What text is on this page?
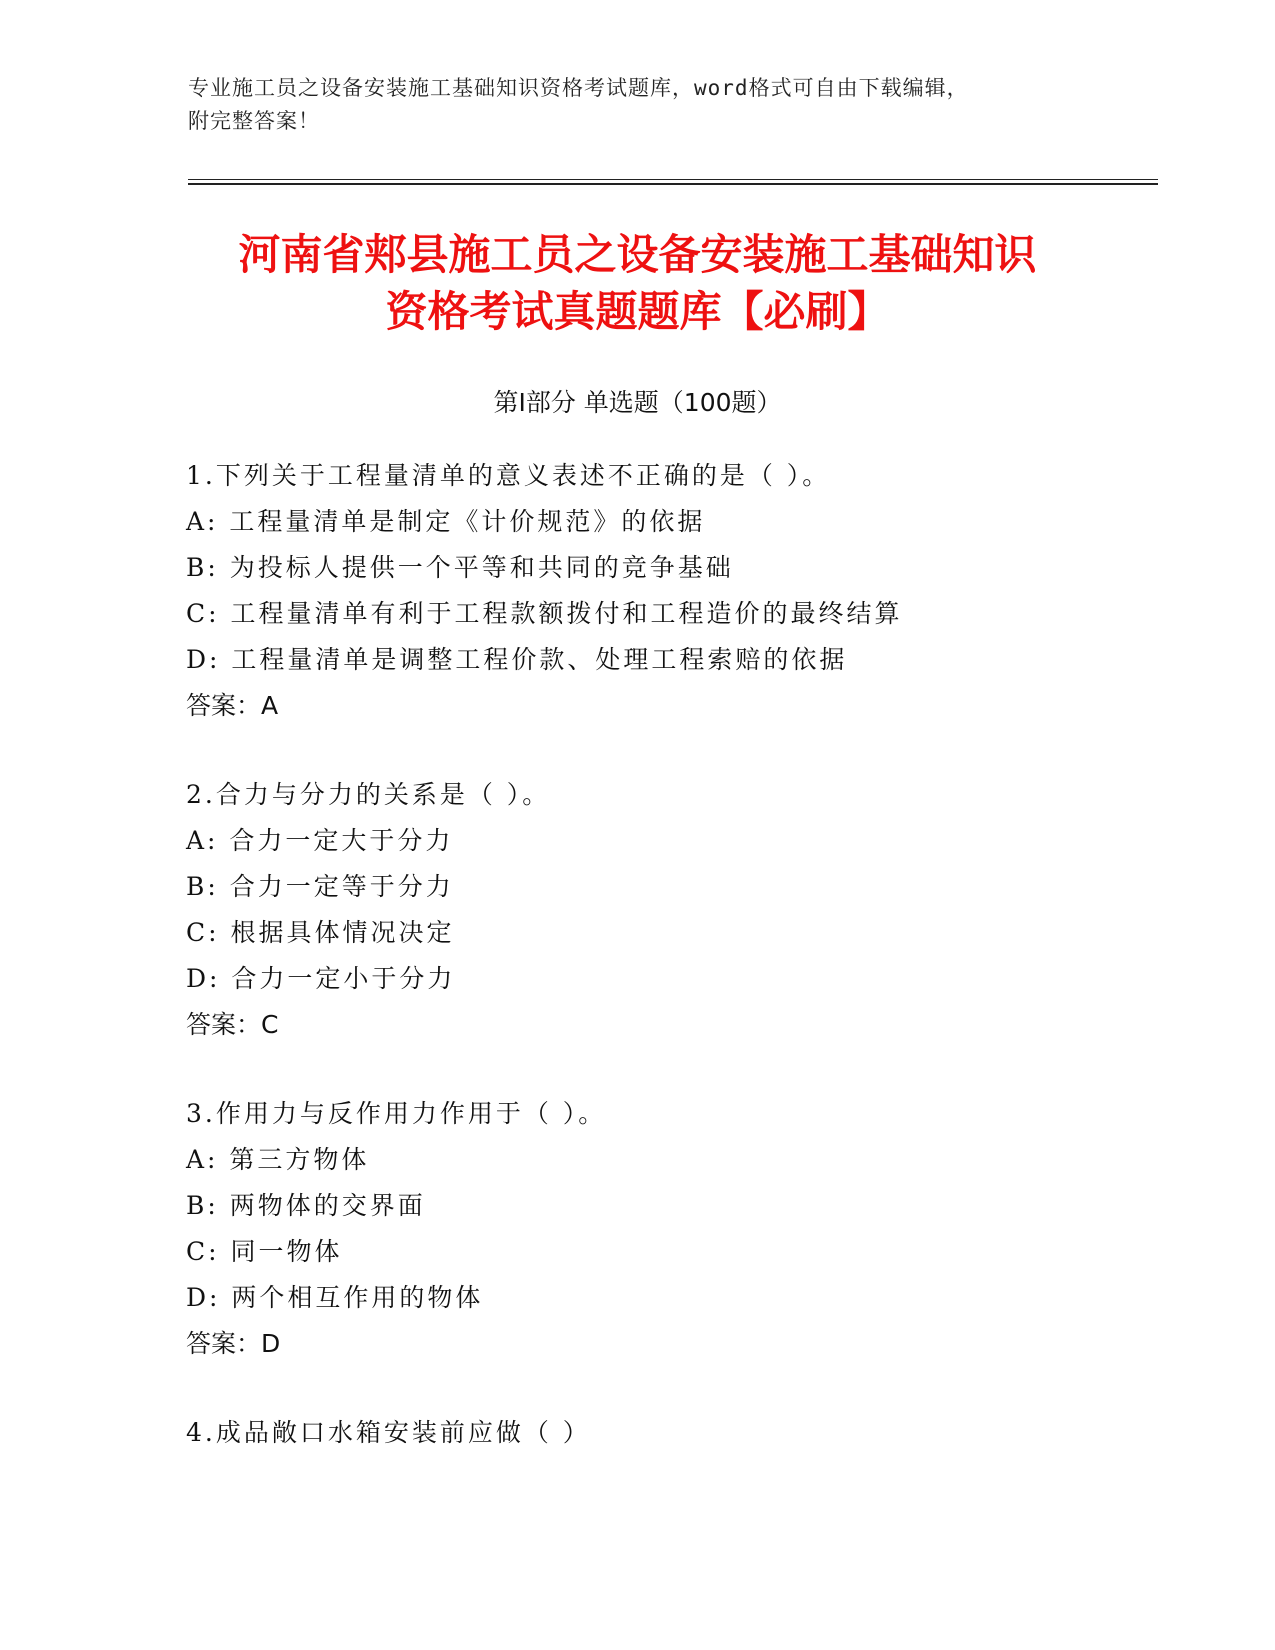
专业施工员之设备安装施工基础知识资格考试题库，word格式可自由下载编辑，
附完整答案！
河南省郏县施工员之设备安装施工基础知识
资格考试真题题库【必刷】
第Ⅰ部分 单选题（100题）
1.下列关于工程量清单的意义表述不正确的是（ ）。
A: 工程量清单是制定《计价规范》的依据
B: 为投标人提供一个平等和共同的竞争基础
C: 工程量清单有利于工程款额拨付和工程造价的最终结算
D: 工程量清单是调整工程价款、处理工程索赔的依据
答案：A
2.合力与分力的关系是（ ）。
A: 合力一定大于分力
B: 合力一定等于分力
C: 根据具体情况决定
D: 合力一定小于分力
答案：C
3.作用力与反作用力作用于（ ）。
A: 第三方物体
B: 两物体的交界面
C: 同一物体
D: 两个相互作用的物体
答案：D
4.成品敞口水箱安装前应做（ ）
